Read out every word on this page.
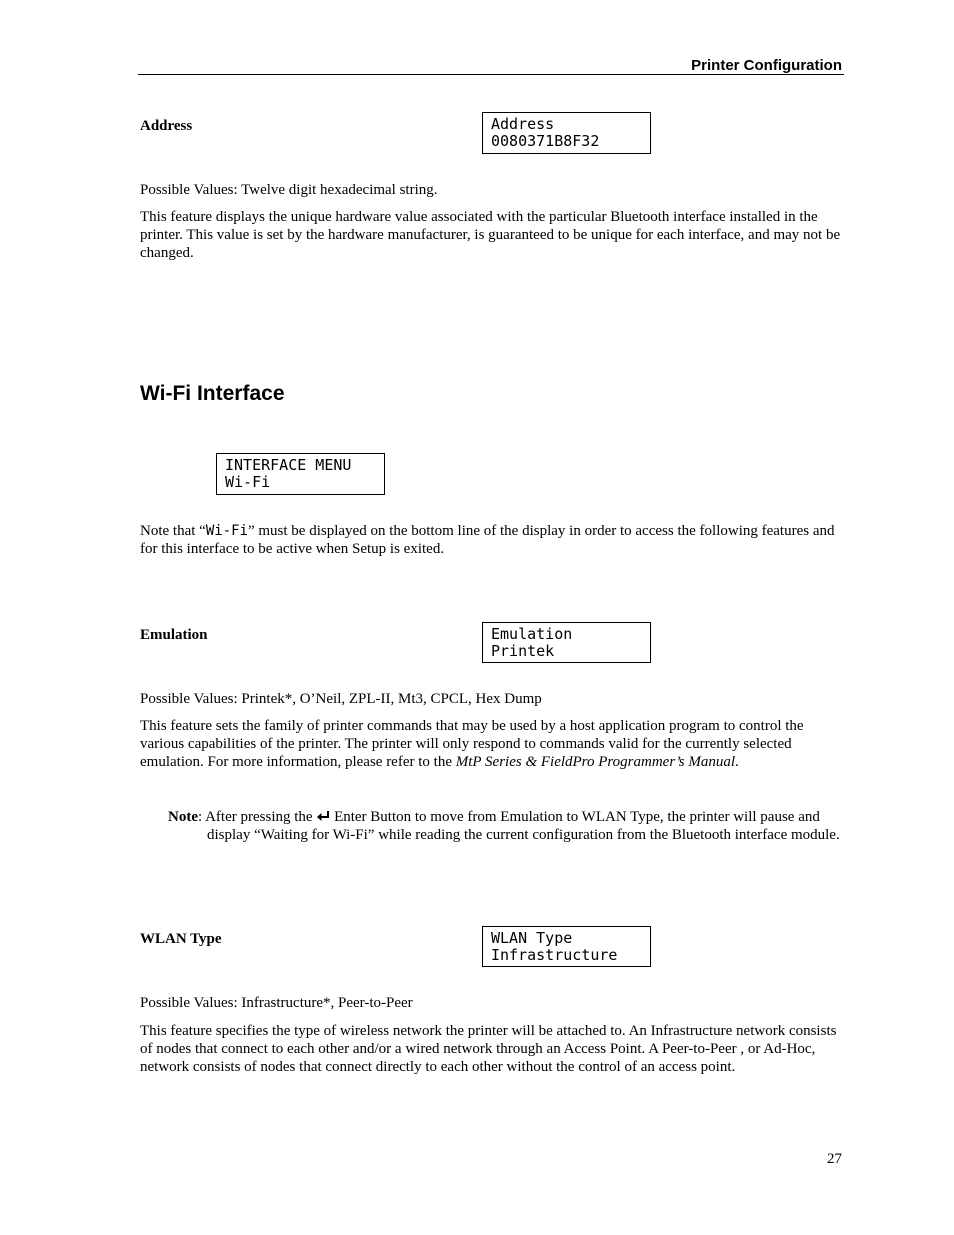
Printer Configuration
Address	Address
0080371B8F32
Possible Values: Twelve digit hexadecimal string.
This feature displays the unique hardware value associated with the particular Bluetooth interface installed in the printer. This value is set by the hardware manufacturer, is guaranteed to be unique for each interface, and may not be changed.
Wi-Fi Interface
INTERFACE MENU
Wi-Fi
Note that “Wi-Fi” must be displayed on the bottom line of the display in order to access the following features and for this interface to be active when Setup is exited.
Emulation	Emulation
Printek
Possible Values: Printek*, O’Neil, ZPL-II, Mt3, CPCL, Hex Dump
This feature sets the family of printer commands that may be used by a host application program to control the various capabilities of the printer. The printer will only respond to commands valid for the currently selected emulation. For more information, please refer to the MtP Series & FieldPro Programmer’s Manual.
Note: After pressing the  Enter Button to move from Emulation to WLAN Type, the printer will pause and display “Waiting for Wi-Fi” while reading the current configuration from the Bluetooth interface module.
WLAN Type	WLAN Type
Infrastructure
Possible Values: Infrastructure*, Peer-to-Peer
This feature specifies the type of wireless network the printer will be attached to. An Infrastructure network consists of nodes that connect to each other and/or a wired network through an Access Point. A Peer-to-Peer , or Ad-Hoc, network consists of nodes that connect directly to each other without the control of an access point.
27
